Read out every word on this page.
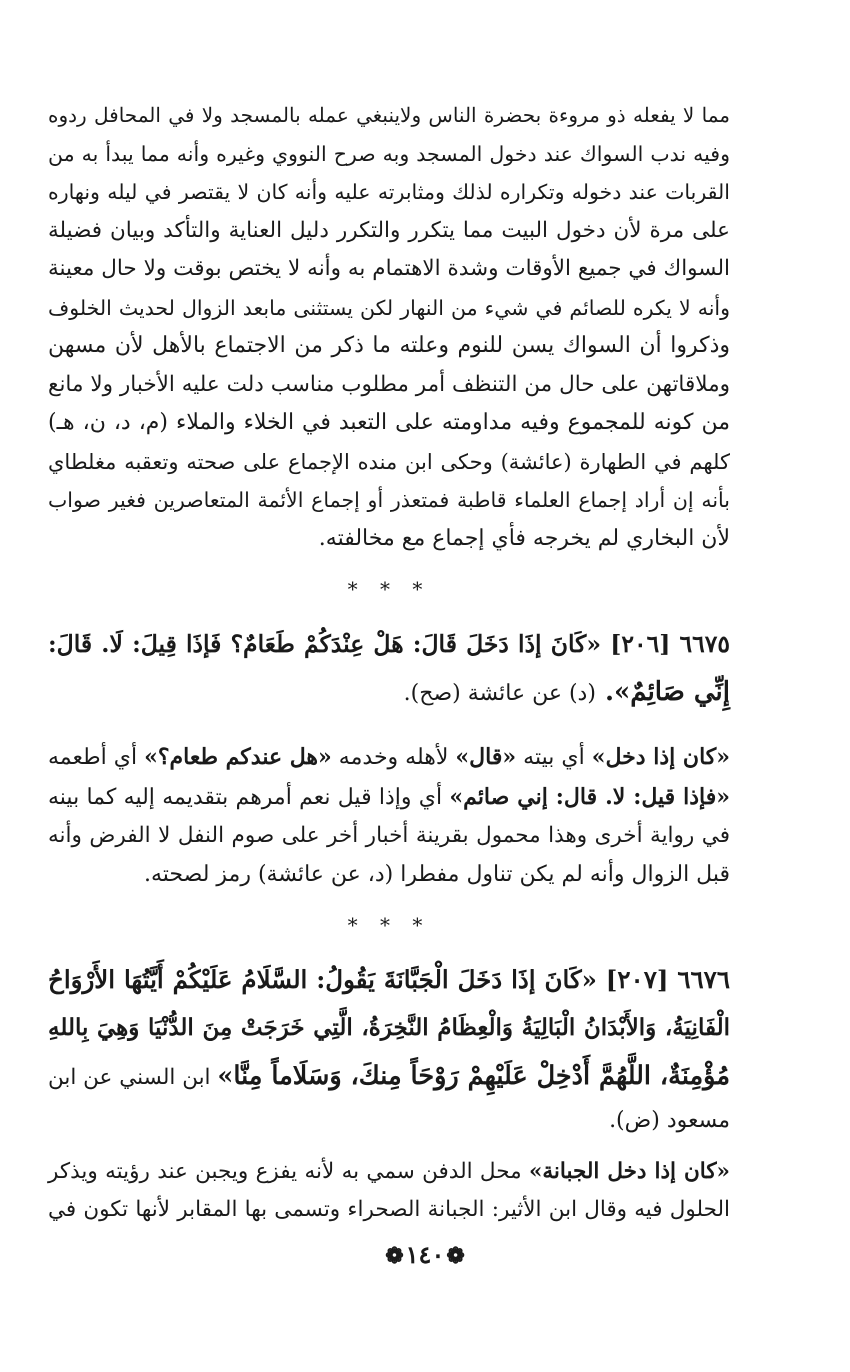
مما لا يفعله ذو مروءة بحضرة الناس ولاينبغي عمله بالمسجد ولا في المحافل ردوه
وفيه ندب السواك عند دخول المسجد وبه صرح النووي وغيره وأنه مما يبدأ به من
القربات عند دخوله وتكراره لذلك ومثابرته عليه وأنه كان لا يقتصر في ليله ونهاره
على مرة لأن دخول البيت مما يتكرر والتكرر دليل العناية والتأكد وبيان فضيلة
السواك في جميع الأوقات وشدة الاهتمام به وأنه لا يختص بوقت ولا حال معينة
وأنه لا يكره للصائم في شيء من النهار لكن يستثنى مابعد الزوال لحديث الخلوف
وذكروا أن السواك يسن للنوم وعلته ما ذكر من الاجتماع بالأهل لأن مسهن
وملاقاتهن على حال من التنظف أمر مطلوب مناسب دلت عليه الأخبار ولا مانع
من كونه للمجموع وفيه مداومته على التعبد في الخلاء والملاء (م، د، ن، هـ)
كلهم في الطهارة (عائشة) وحكى ابن منده الإجماع على صحته وتعقبه مغلطاي
بأنه إن أراد إجماع العلماء قاطبة فمتعذر أو إجماع الأئمة المتعاصرين فغير صواب
لأن البخاري لم يخرجه فأي إجماع مع مخالفته.
* * *
٦٦٧٥ [٢٠٦] «كَانَ إذَا دَخَلَ قَالَ: هَلْ عِنْدَكُمْ طَعَامٌ؟ فَإذَا قِيلَ: لَا. قَالَ:
إِنِّي صَائِمٌ». (د) عن عائشة (صح).
«كان إذا دخل» أي بيته «قال» لأهله وخدمه «هل عندكم طعام؟» أي أطعمه
«فإذا قيل: لا. قال: إني صائم» أي وإذا قيل نعم أمرهم بتقديمه إليه كما بينه
في رواية أخرى وهذا محمول بقرينة أخبار أخر على صوم النفل لا الفرض وأنه
قبل الزوال وأنه لم يكن تناول مفطرا (د، عن عائشة) رمز لصحته.
* * *
٦٦٧٦ [٢٠٧] «كَانَ إذَا دَخَلَ الْجَبَّانَةَ يَقُولُ: السَّلَامُ عَلَيْكُمْ أَيَّتُهَا الأَرْوَاحُ
الْفَانِيَةُ، وَالأَبْدَانُ الْبَالِيَةُ وَالْعِظَامُ النَّخِرَةُ، الَّتِي خَرَجَتْ مِنَ الدُّنْيَا وَهِيَ بِاللهِ
مُؤْمِنَةٌ، اللَّهُمَّ أَدْخِلْ عَلَيْهِمْ رَوْحَاً مِنكَ، وَسَلَاماً مِنَّا» ابن السني عن ابن
مسعود (ض).
«كان إذا دخل الجبانة» محل الدفن سمي به لأنه يفزع ويجبن عند رؤيته ويذكر
الحلول فيه وقال ابن الأثير: الجبانة الصحراء وتسمى بها المقابر لأنها تكون في
❁١٤٠❁
